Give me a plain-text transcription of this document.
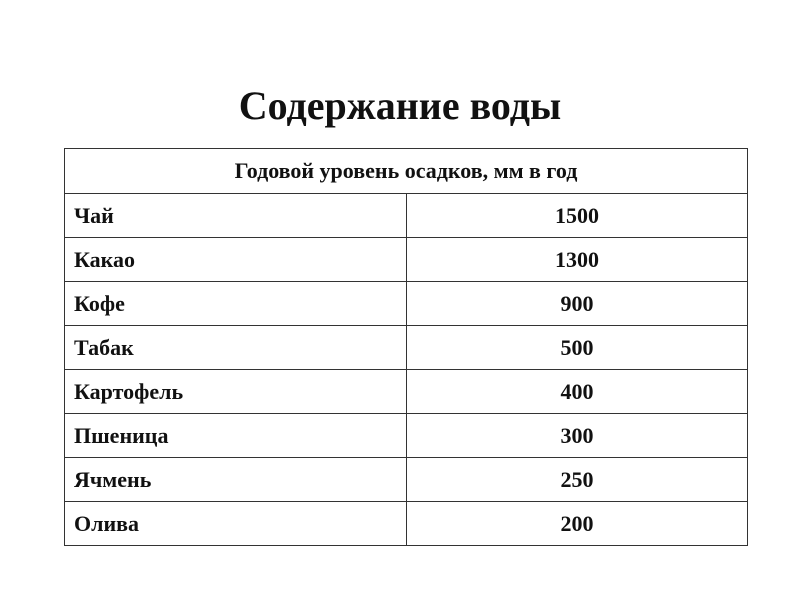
Содержание воды
Годовой уровень осадков, мм в год	
Чай	1500
Какао	1300
Кофе	900
Табак	500
Картофель	400
Пшеница	300
Ячмень	250
Олива	200
